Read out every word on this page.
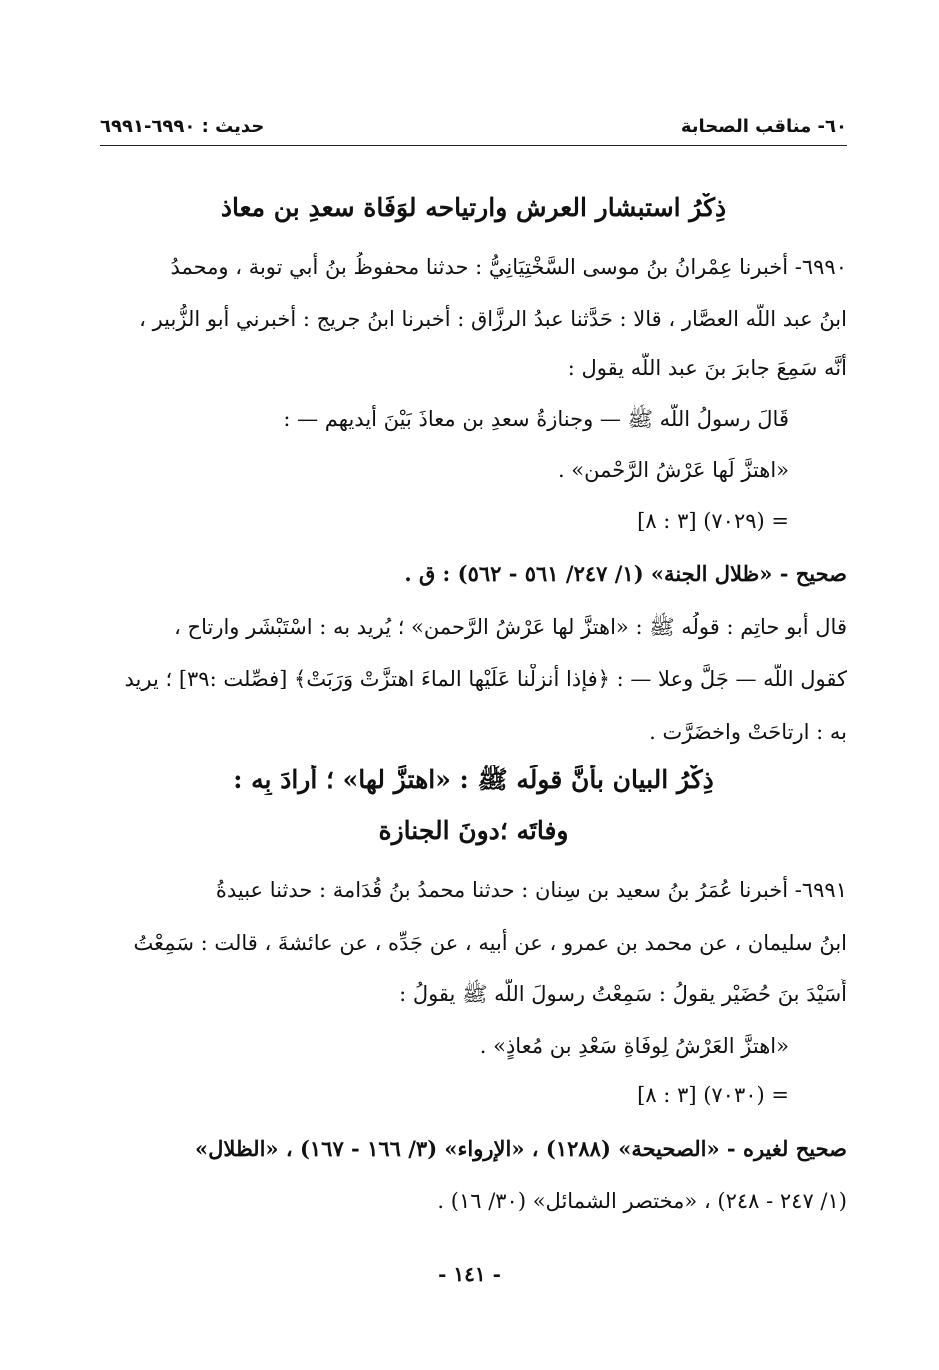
٦٠- مناقب الصحابة
حديث : ٦٩٩٠-٦٩٩١
ذِكْرُ استبشار العرش وارتياحه لوَفَاة سعدِ بن معاذ
٦٩٩٠- أخبرنا عِمْرانُ بنُ موسى السَّخْتِيَانِيُّ : حدثنا محفوظُ بنُ أبي توبة ، ومحمدُ
ابنُ عبد اللّه العصَّار ، قالا : حَدَّثنا عبدُ الرزَّاق : أخبرنا ابنُ جريج : أخبرني أبو الزُّبير ،
أنَّه سَمِعَ جابرَ بنَ عبد اللّه يقول :
قَالَ رسولُ اللّه ﷺ — وجنازةُ سعدِ بن معاذَ بَيْنَ أيديهم — :
«اهتزَّ لَها عَرْشُ الرَّحْمن» .
= (٧٠٢٩) [٣ : ٨]
صحيح - «ظلال الجنة» (١/ ٢٤٧/ ٥٦١ - ٥٦٢) : ق .
قال أبو حاتِم : قولُه ﷺ : «اهتزَّ لها عَرْشُ الرَّحمن» ؛ يُريد به : اسْتَبْشَر وارتاح ،
كقول اللّه — جَلَّ وعلا — : ﴿فإذا أنزلْنا عَلَيْها الماءَ اهتزَّتْ وَرَبَتْ﴾ [فصِّلت :٣٩] ؛ يريد
به : ارتاحَتْ واخضَرَّت .
ذِكْرُ البيان بأنَّ قولَه ﷺ : «اهتزَّ لها» ؛ أرادَ بِه :
وفاتَه ؛دونَ الجنازة
٦٩٩١- أخبرنا عُمَرُ بنُ سعيد بن سِنان : حدثنا محمدُ بنُ قُدَامة : حدثنا عبيدةُ
ابنُ سليمان ، عن محمد بن عمرو ، عن أبيه ، عن جَدِّه ، عن عائشةَ ، قالت : سَمِعْتُ
أُسَيْدَ بنَ حُضَيْر يقولُ : سَمِعْتُ رسولَ اللّه ﷺ يقولُ :
«اهتزَّ العَرْشُ لِوفَاةِ سَعْدِ بن مُعاذٍ» .
= (٧٠٣٠) [٣ : ٨]
صحيح لغيره - «الصحيحة» (١٢٨٨) ، «الإرواء» (٣/ ١٦٦ - ١٦٧) ، «الظلال»
(١/ ٢٤٧ - ٢٤٨) ، «مختصر الشمائل» (٣٠/ ١٦) .
- ١٤١ -
